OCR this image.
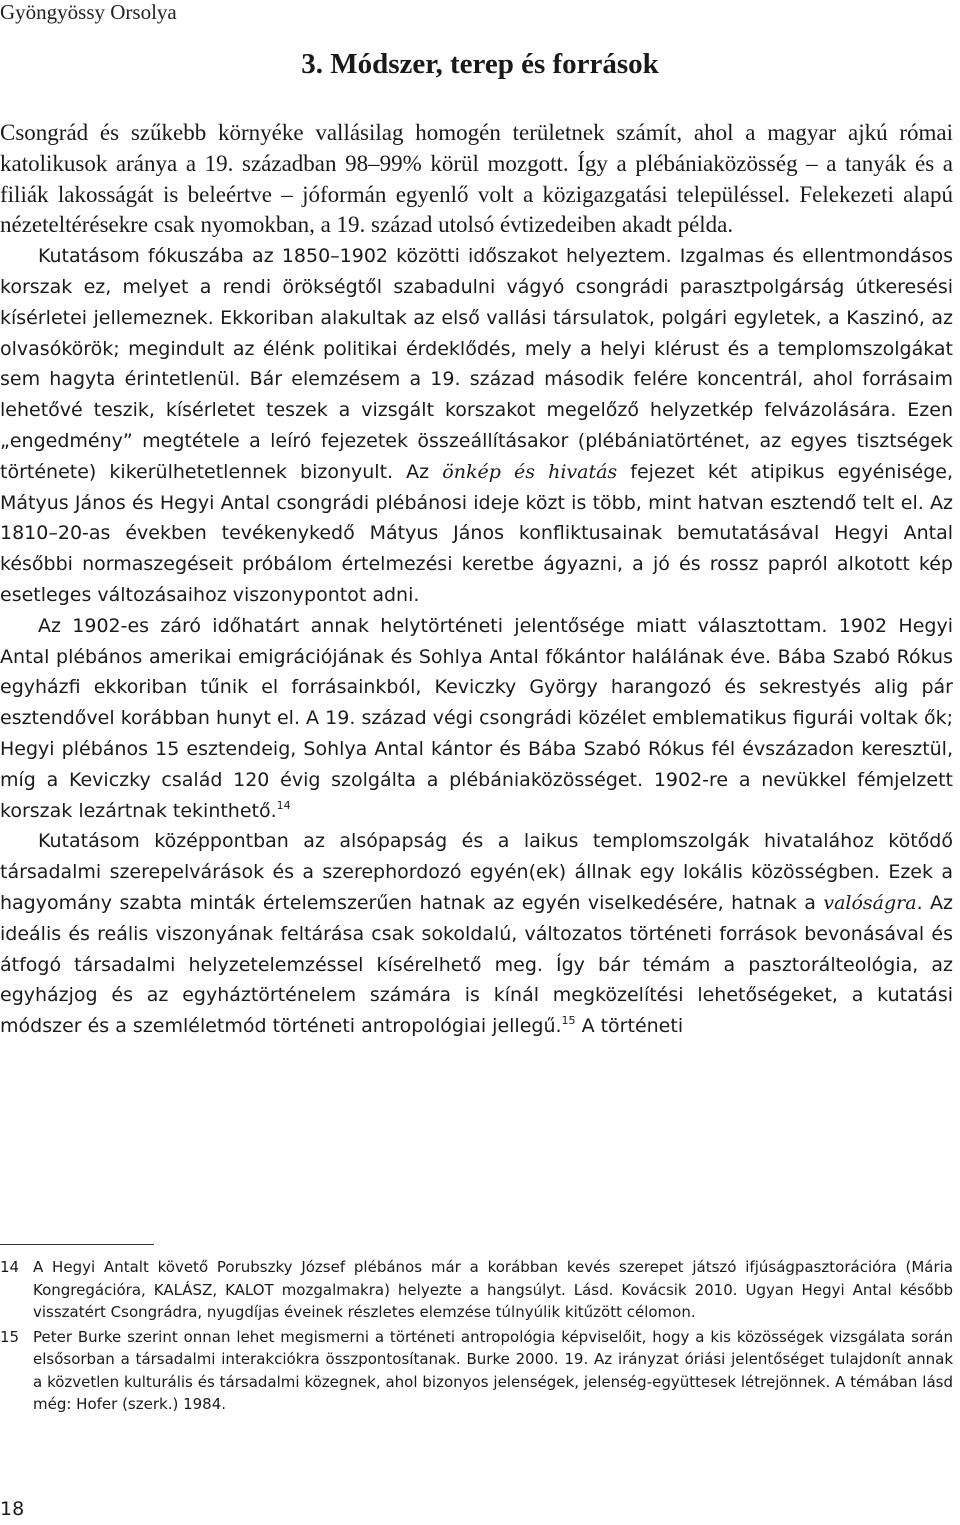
Gyöngyössy Orsolya
3. Módszer, terep és források

Csongrád és szűkebb környéke vallásilag homogén területnek számít, ahol a magyar ajkú római katolikusok aránya a 19. században 98–99% körül mozgott. Így a plébániaközösség – a tanyák és a filiák lakosságát is beleértve – jóformán egyenlő volt a közigazgatási településsel. Felekezeti alapú nézeteltérésekre csak nyomokban, a 19. század utolsó évtizedeiben akadt példa.

Kutatásom fókuszába az 1850–1902 közötti időszakot helyeztem. Izgalmas és ellentmondásos korszak ez, melyet a rendi örökségtől szabadulni vágyó csongrádi parasztpolgárság útkeresési kísérletei jellemeznek. Ekkoriban alakultak az első vallási társulatok, polgári egyletek, a Kaszinó, az olvasókörök; megindult az élénk politikai érdeklődés, mely a helyi klérust és a templomszolgákat sem hagyta érintetlenül. Bár elemzésem a 19. század második felére koncentrál, ahol forrásaim lehetővé teszik, kísérletet teszek a vizsgált korszakot megelőző helyzetkép felvázolására. Ezen „engedmény” megtétele a leíró fejezetek összeállításakor (plébániatörténet, az egyes tisztségek története) kikerülhetetlennek bizonyult. Az önkép és hivatás fejezet két atipikus egyénisége, Mátyus János és Hegyi Antal csongrádi plébánosi ideje közt is több, mint hatvan esztendő telt el. Az 1810–20-as években tevékenykedő Mátyus János konfliktusainak bemutatásával Hegyi Antal későbbi normaszegéseit próbálom értelmezési keretbe ágyazni, a jó és rossz papról alkotott kép esetleges változásaihoz viszonypontot adni.

Az 1902-es záró időhatárt annak helytörténeti jelentősége miatt választottam. 1902 Hegyi Antal plébános amerikai emigrációjának és Sohlya Antal főkántor halálának éve. Bába Szabó Rókus egyházfi ekkoriban tűnik el forrásainkból, Keviczky György harangozó és sekrestyés alig pár esztendővel korábban hunyt el. A 19. század végi csongrádi közélet emblematikus figurái voltak ők; Hegyi plébános 15 esztendeig, Sohlya Antal kántor és Bába Szabó Rókus fél évszázadon keresztül, míg a Keviczky család 120 évig szolgálta a plébániaközösséget. 1902-re a nevükkel fémjelzett korszak lezártnak tekinthető.$^{14}$

Kutatásom középpontban az alsópapság és a laikus templomszolgák hivatalához kötődő társadalmi szerepelvárások és a szerephordozó egyén(ek) állnak egy lokális közösségben. Ezek a hagyomány szabta minták értelemszerűen hatnak az egyén viselkedésére, hatnak a valóságra. Az ideális és reális viszonyának feltárása csak sokoldalú, változatos történeti források bevonásával és átfogó társadalmi helyzetelemzéssel kísérelhető meg. Így bár témám a pasztorálteológia, az egyházjog és az egyháztörténelem számára is kínál megközelítési lehetőségeket, a kutatási módszer és a szemléletmód történeti antropológiai jellegű.$^{15}$ A történeti

14 A Hegyi Antalt követő Porubszky József plébános már a korábban kevés szerepet játszó ifjúságpasztorációra (Mária Kongregációra, KALÁSZ, KALOT mozgalmakra) helyezte a hangsúlyt. Lásd. Kovácsik 2010. Ugyan Hegyi Antal később visszatért Csongrádra, nyugdíjas éveinek részletes elemzése túlnyúlik kitűzött célomon.
15 Peter Burke szerint onnan lehet megismerni a történeti antropológia képviselőit, hogy a kis közösségek vizsgálata során elsősorban a társadalmi interakciókra összpontosítanak. Burke 2000. 19. Az irányzat óriási jelentőséget tulajdonít annak a közvetlen kulturális és társadalmi közegnek, ahol bizonyos jelenségek, jelenség-együttesek létrejönnek. A témában lásd még: Hofer (szerk.) 1984.
18
